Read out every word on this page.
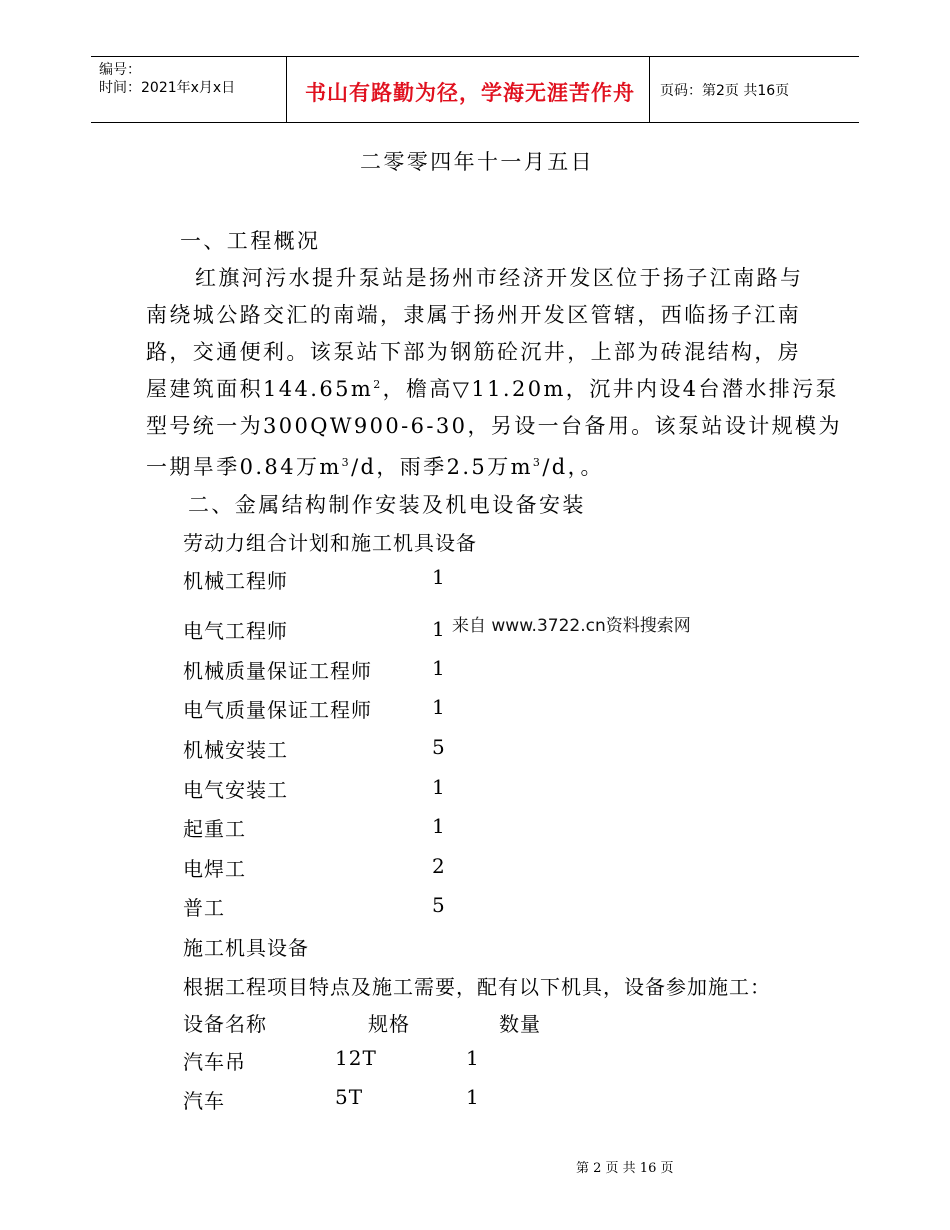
编号：
时间：2021年x月x日	书山有路勤为径，学海无涯苦作舟 页码：第2页 共16页
二零零四年十一月五日
一、工程概况
红旗河污水提升泵站是扬州市经济开发区位于扬子江南路与
南绕城公路交汇的南端，隶属于扬州开发区管辖，西临扬子江南
路，交通便利。该泵站下部为钢筋砼沉井，上部为砖混结构，房
屋建筑面积$144.65m^2$，檐高▽11.20m，沉井内设4台潜水排污泵
型号统一为300QW900-6-30，另设一台备用。该泵站设计规模为
一期旱季0.84万$m^3/d$，雨季2.5万$m^3/d$，。
二、金属结构制作安装及机电设备安装
劳动力组合计划和施工机具设备
机械工程师	1
电气工程师	1
机械质量保证工程师	1
电气质量保证工程师	1
机械安装工	5
电气安装工	1
起重工	1
电焊工	2
普工	5
来自 www.3722.cn资料搜索网
施工机具设备
根据工程项目特点及施工需要，配有以下机具，设备参加施工：
设备名称	规格	数量
汽车吊	12T	1
汽车	5T	1
第 2 页 共 16 页
